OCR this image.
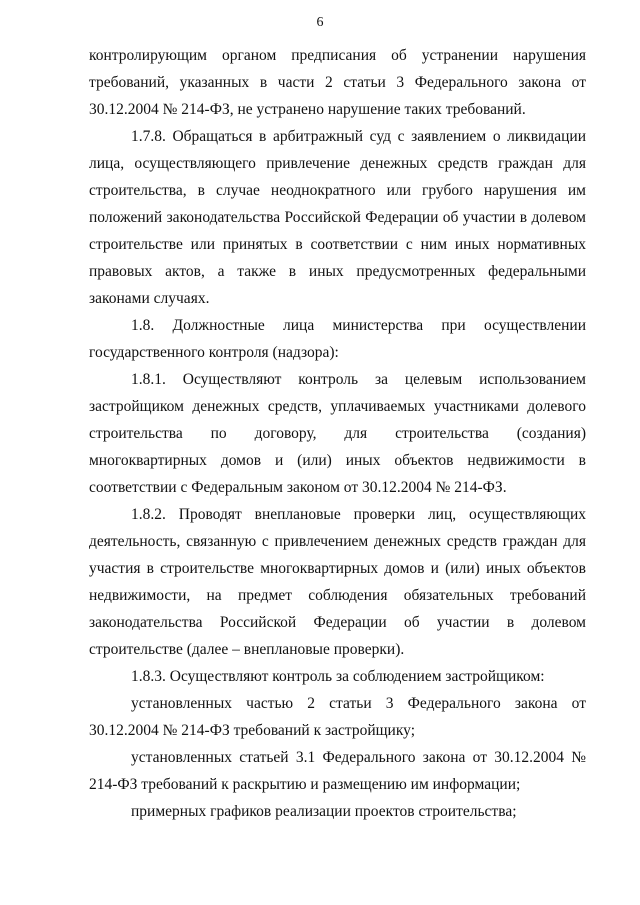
6

контролирующим органом предписания об устранении нарушения требований, указанных в части 2 статьи 3 Федерального закона от 30.12.2004 № 214-ФЗ, не устранено нарушение таких требований.

1.7.8. Обращаться в арбитражный суд с заявлением о ликвидации лица, осуществляющего привлечение денежных средств граждан для строительства, в случае неоднократного или грубого нарушения им положений законодательства Российской Федерации об участии в долевом строительстве или принятых в соответствии с ним иных нормативных правовых актов, а также в иных предусмотренных федеральными законами случаях.

1.8. Должностные лица министерства при осуществлении государственного контроля (надзора):

1.8.1. Осуществляют контроль за целевым использованием застройщиком денежных средств, уплачиваемых участниками долевого строительства по договору, для строительства (создания) многоквартирных домов и (или) иных объектов недвижимости в соответствии с Федеральным законом от 30.12.2004 № 214-ФЗ.

1.8.2. Проводят внеплановые проверки лиц, осуществляющих деятельность, связанную с привлечением денежных средств граждан для участия в строительстве многоквартирных домов и (или) иных объектов недвижимости, на предмет соблюдения обязательных требований законодательства Российской Федерации об участии в долевом строительстве (далее – внеплановые проверки).

1.8.3. Осуществляют контроль за соблюдением застройщиком:

установленных частью 2 статьи 3 Федерального закона от 30.12.2004 № 214-ФЗ требований к застройщику;

установленных статьей 3.1 Федерального закона от 30.12.2004 № 214-ФЗ требований к раскрытию и размещению им информации;

примерных графиков реализации проектов строительства;
